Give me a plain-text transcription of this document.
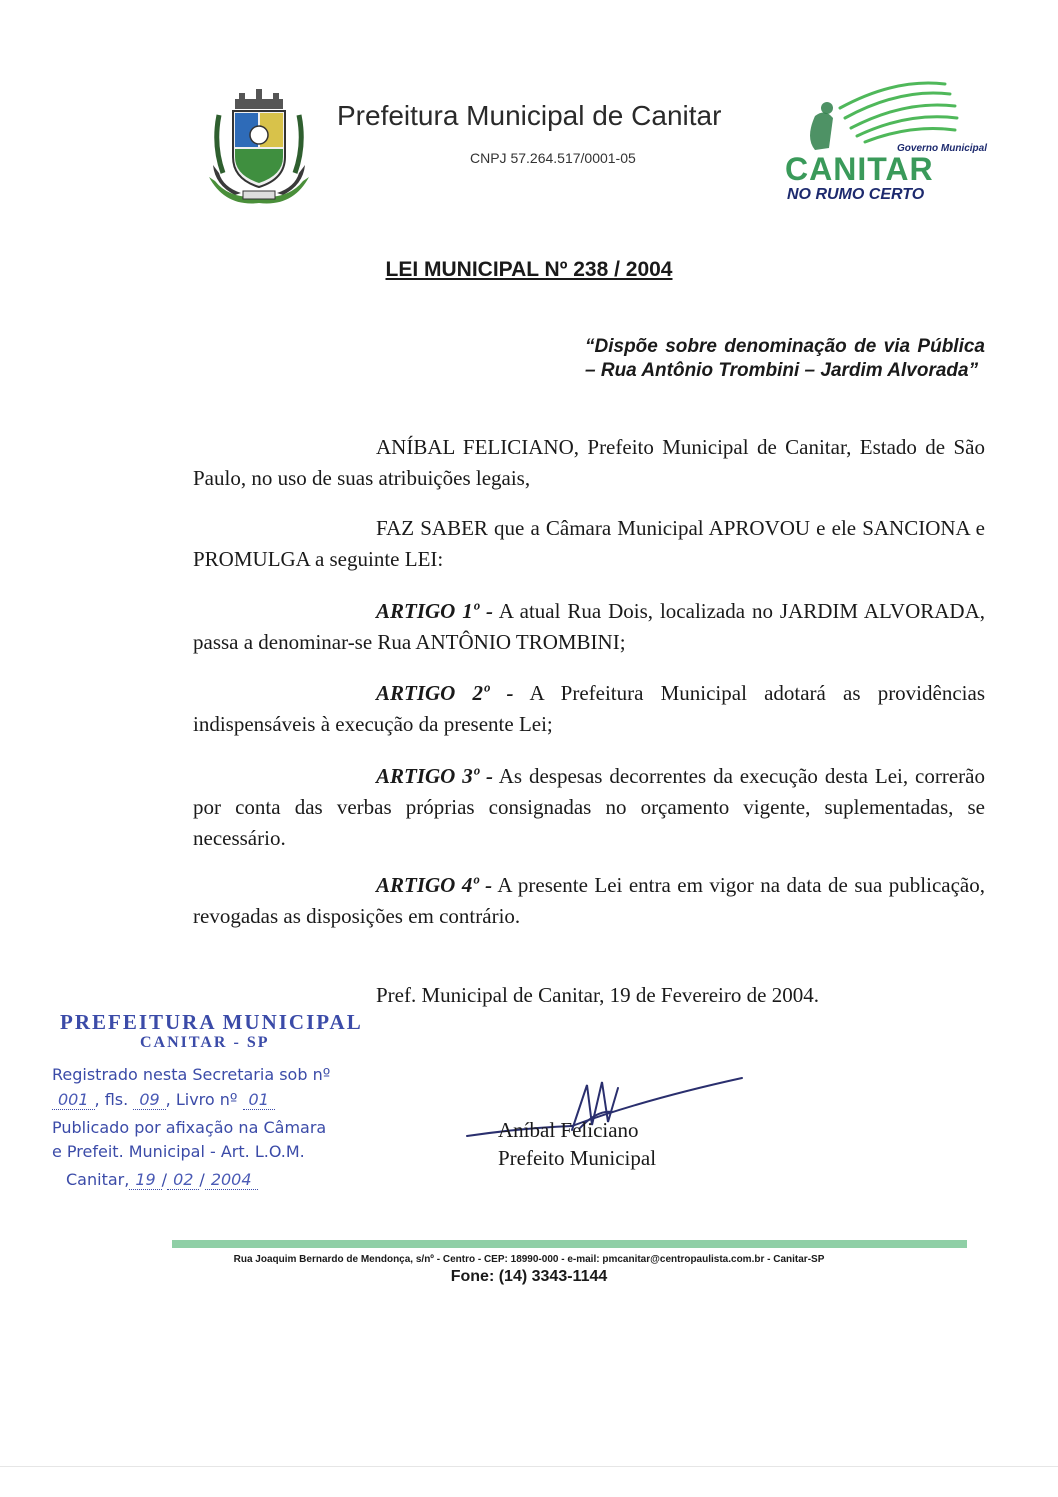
Prefeitura Municipal de Canitar
CNPJ 57.264.517/0001-05
Governo Municipal
CANITAR
NO RUMO CERTO
LEI MUNICIPAL Nº 238 / 2004
“Dispõe sobre denominação de via Pública – Rua Antônio Trombini – Jardim Alvorada”
ANÍBAL FELICIANO, Prefeito Municipal de Canitar, Estado de São Paulo, no uso de suas atribuições legais,
FAZ SABER que a Câmara Municipal APROVOU e ele SANCIONA e PROMULGA a seguinte LEI:
ARTIGO 1º - A atual Rua Dois, localizada no JARDIM ALVORADA, passa a denominar-se Rua ANTÔNIO TROMBINI;
ARTIGO 2º - A Prefeitura Municipal adotará as providências indispensáveis à execução da presente Lei;
ARTIGO 3º - As despesas decorrentes da execução desta Lei, correrão por conta das verbas próprias consignadas no orçamento vigente, suplementadas, se necessário.
ARTIGO 4º - A presente Lei entra em vigor na data de sua publicação, revogadas as disposições em contrário.
Pref. Municipal de Canitar, 19 de Fevereiro de 2004.
PREFEITURA MUNICIPAL
CANITAR - SP
Registrado nesta Secretaria sob nº
001 , fls. 09 , Livro nº 01
Publicado por afixação na Câmara
e Prefeit. Municipal - Art. L.O.M.
Canitar, 19 / 02 / 2004
Aníbal Feliciano
Prefeito Municipal
Rua Joaquim Bernardo de Mendonça, s/nº - Centro - CEP: 18990-000 - e-mail: pmcanitar@centropaulista.com.br - Canitar-SP
Fone: (14) 3343-1144
